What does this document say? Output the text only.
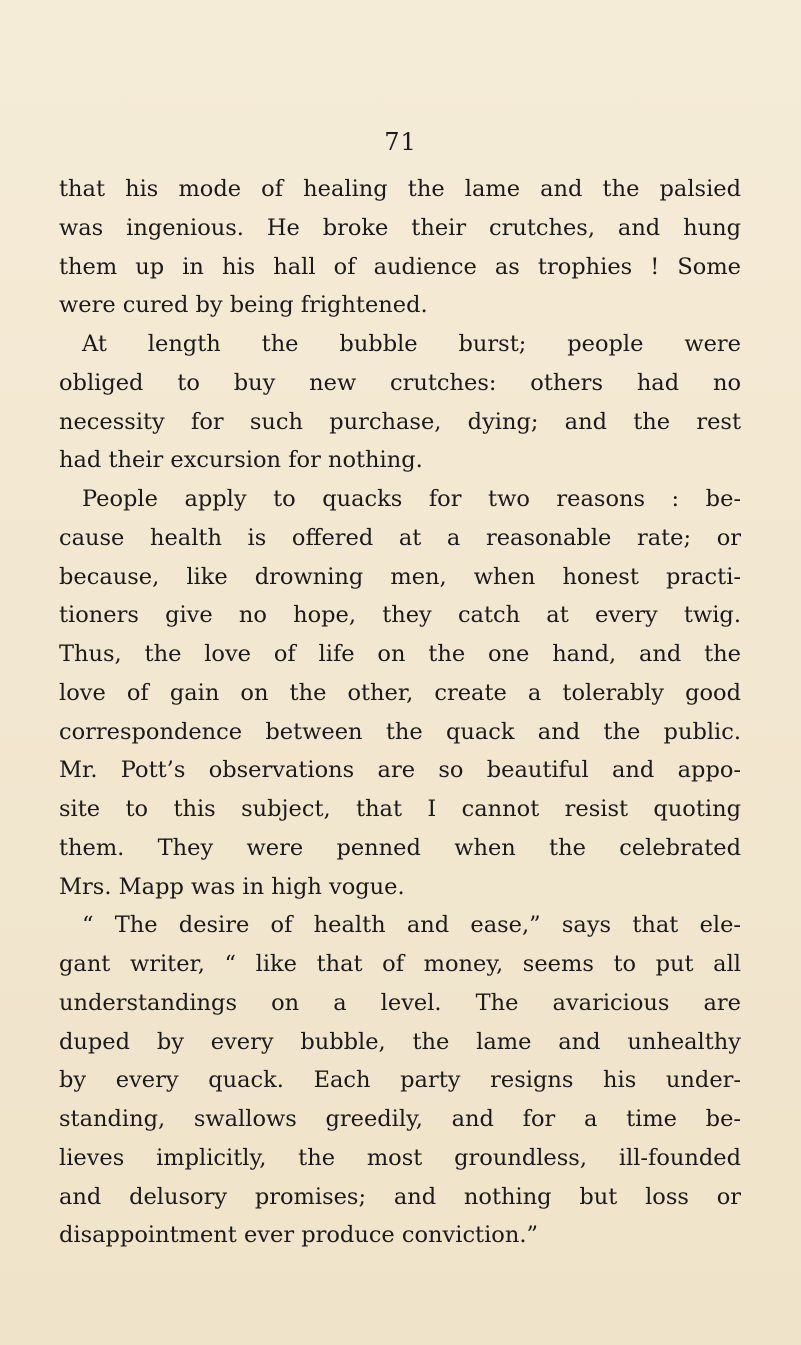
71
that his mode of healing the lame and the palsied
was ingenious. He broke their crutches, and hung
them up in his hall of audience as trophies ! Some
were cured by being frightened.
At length the bubble burst; people were
obliged to buy new crutches: others had no
necessity for such purchase, dying; and the rest
had their excursion for nothing.
People apply to quacks for two reasons : be-
cause health is offered at a reasonable rate; or
because, like drowning men, when honest practi-
tioners give no hope, they catch at every twig.
Thus, the love of life on the one hand, and the
love of gain on the other, create a tolerably good
correspondence between the quack and the public.
Mr. Pott’s observations are so beautiful and appo-
site to this subject, that I cannot resist quoting
them. They were penned when the celebrated
Mrs. Mapp was in high vogue.
“ The desire of health and ease,” says that ele-
gant writer, “ like that of money, seems to put all
understandings on a level. The avaricious are
duped by every bubble, the lame and unhealthy
by every quack. Each party resigns his under-
standing, swallows greedily, and for a time be-
lieves implicitly, the most groundless, ill-founded
and delusory promises; and nothing but loss or
disappointment ever produce conviction.”
